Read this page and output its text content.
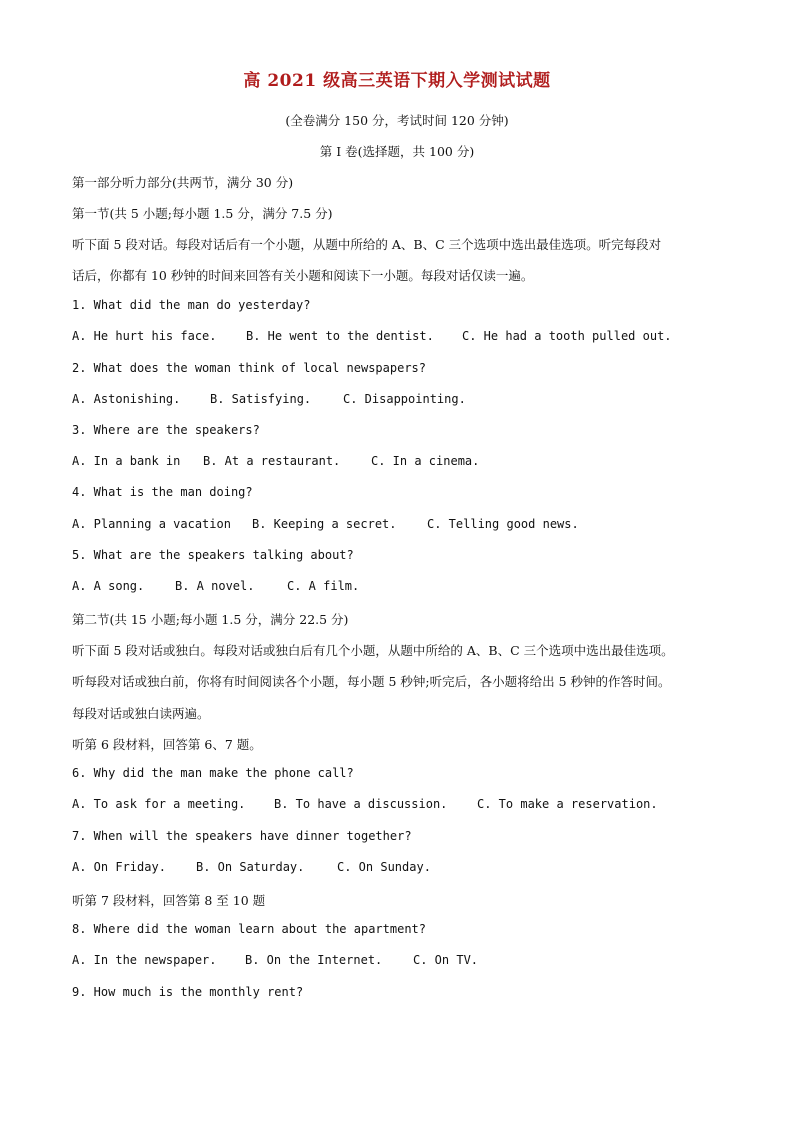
高 2021 级高三英语下期入学测试试题
(全卷满分 150 分，考试时间 120 分钟)
第 I 卷(选择题，共 100 分)
第一部分听力部分(共两节，满分 30 分)
第一节(共 5 小题;每小题 1.5 分，满分 7.5 分)
听下面 5 段对话。每段对话后有一个小题，从题中所给的 A、B、C 三个选项中选出最佳选项。听完每段对
话后，你都有 10 秒钟的时间来回答有关小题和阅读下一小题。每段对话仅读一遍。
1. What did the man do yesterday?
A. He hurt his face. B. He went to the dentist. C. He had a tooth pulled out.
2. What does the woman think of local newspapers?
A. Astonishing. B. Satisfying.	C. Disappointing.
3. Where are the speakers?
A. In a bank in B. At a restaurant.	C. In a cinema.
4. What is the man doing?
A. Planning a vacation B. Keeping a secret.	C. Telling good news.
5. What are the speakers talking about?
A. A song.	B. A novel.	C. A film.
第二节(共 15 小题;每小题 1.5 分，满分 22.5 分)
听下面 5 段对话或独白。每段对话或独白后有几个小题，从题中所给的 A、B、C 三个选项中选出最佳选项。
听每段对话或独白前，你将有时间阅读各个小题，每小题 5 秒钟;听完后，各小题将给出 5 秒钟的作答时间。
每段对话或独白读两遍。
听第 6 段材料，回答第 6、7 题。
6. Why did the man make the phone call?
A. To ask for a meeting. B. To have a discussion. C. To make a reservation.
7. When will the speakers have dinner together?
A. On Friday.	B. On Saturday.	C. On Sunday.
听第 7 段材料，回答第 8 至 10 题
8. Where did the woman learn about the apartment?
A. In the newspaper. B. On the Internet.	C. On TV.
9. How much is the monthly rent?
